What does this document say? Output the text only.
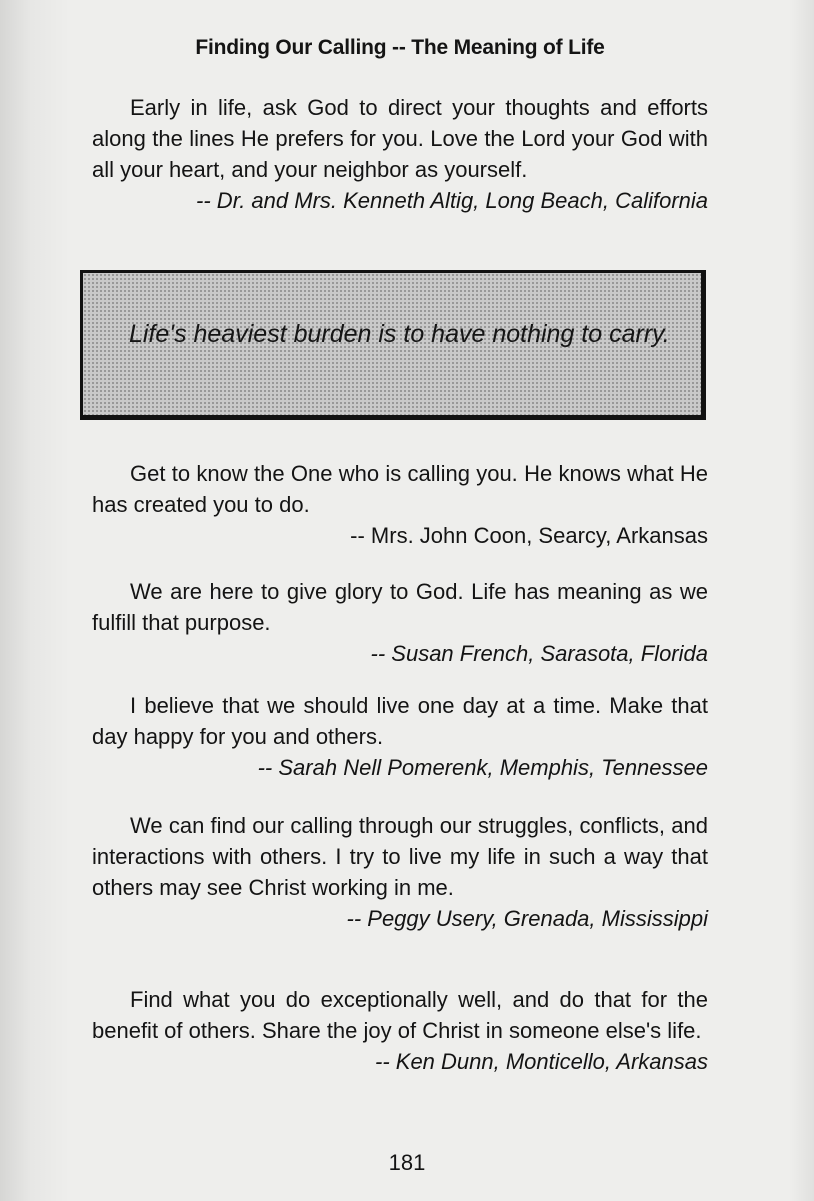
Finding Our Calling -- The Meaning of Life

Early in life, ask God to direct your thoughts and efforts along the lines He prefers for you. Love the Lord your God with all your heart, and your neighbor as yourself.

-- Dr. and Mrs. Kenneth Altig, Long Beach, California
Life's heaviest burden is to have nothing to carry.

Get to know the One who is calling you. He knows what He has created you to do.

-- Mrs. John Coon, Searcy, Arkansas

We are here to give glory to God. Life has meaning as we fulfill that purpose.

-- Susan French, Sarasota, Florida

I believe that we should live one day at a time. Make that day happy for you and others.

-- Sarah Nell Pomerenk, Memphis, Tennessee

We can find our calling through our struggles, conflicts, and interactions with others. I try to live my life in such a way that others may see Christ working in me.

-- Peggy Usery, Grenada, Mississippi

Find what you do exceptionally well, and do that for the benefit of others. Share the joy of Christ in someone else's life.

-- Ken Dunn, Monticello, Arkansas
181
